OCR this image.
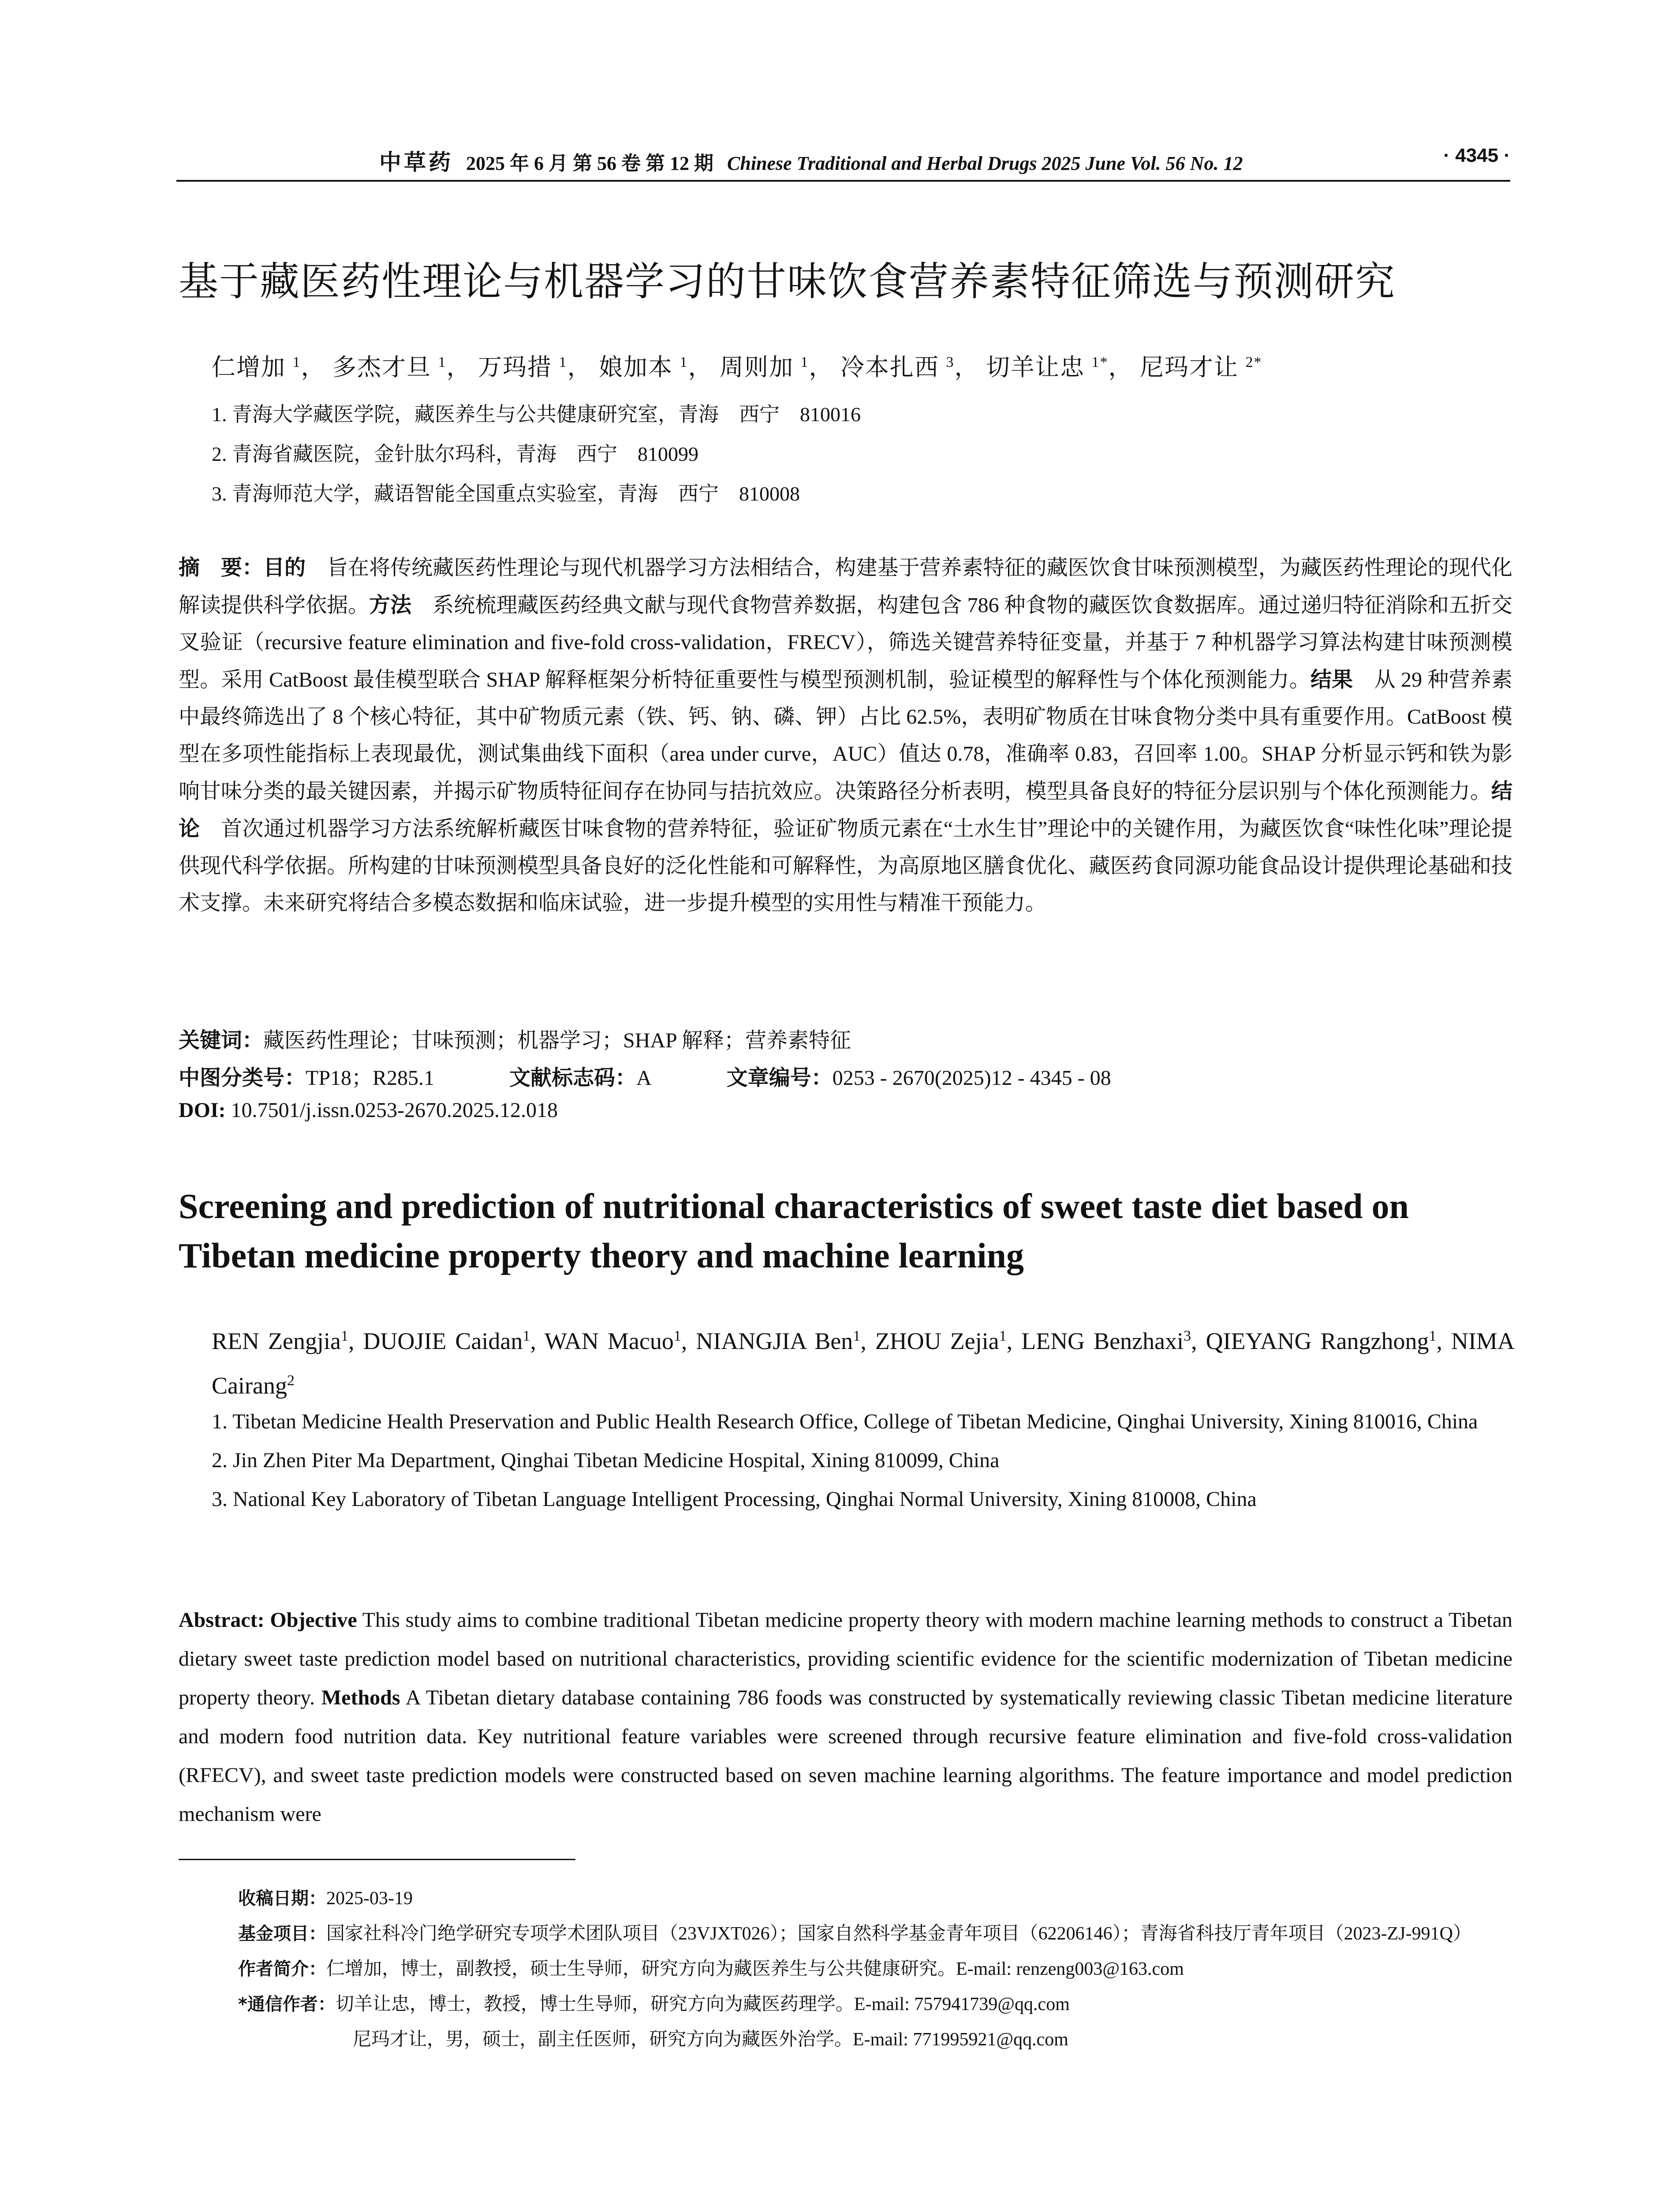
中草药 2025 年 6 月 第 56 卷 第 12 期 Chinese Traditional and Herbal Drugs 2025 June Vol. 56 No. 12	· 4345 ·
基于藏医药性理论与机器学习的甘味饮食营养素特征筛选与预测研究
仁增加 $^1$， 多杰才旦 $^1$， 万玛措 $^1$， 娘加本 $^1$， 周则加 $^1$， 冷本扎西 $^3$， 切羊让忠 $^{1*}$， 尼玛才让 $^{2*}$
1. 青海大学藏医学院，藏医养生与公共健康研究室，青海　西宁　810016
2. 青海省藏医院，金针肽尔玛科，青海　西宁　810099
3. 青海师范大学，藏语智能全国重点实验室，青海　西宁　810008
摘　要：目的　旨在将传统藏医药性理论与现代机器学习方法相结合，构建基于营养素特征的藏医饮食甘味预测模型，为藏医药性理论的现代化解读提供科学依据。方法　系统梳理藏医药经典文献与现代食物营养数据，构建包含 786 种食物的藏医饮食数据库。通过递归特征消除和五折交叉验证（recursive feature elimination and five-fold cross-validation，FRECV），筛选关键营养特征变量，并基于 7 种机器学习算法构建甘味预测模型。采用 CatBoost 最佳模型联合 SHAP 解释框架分析特征重要性与模型预测机制，验证模型的解释性与个体化预测能力。结果　从 29 种营养素中最终筛选出了 8 个核心特征，其中矿物质元素（铁、钙、钠、磷、钾）占比 62.5%，表明矿物质在甘味食物分类中具有重要作用。CatBoost 模型在多项性能指标上表现最优，测试集曲线下面积（area under curve，AUC）值达 0.78，准确率 0.83，召回率 1.00。SHAP 分析显示钙和铁为影响甘味分类的最关键因素，并揭示矿物质特征间存在协同与拮抗效应。决策路径分析表明，模型具备良好的特征分层识别与个体化预测能力。结论　首次通过机器学习方法系统解析藏医甘味食物的营养特征，验证矿物质元素在“土水生甘”理论中的关键作用，为藏医饮食“味性化味”理论提供现代科学依据。所构建的甘味预测模型具备良好的泛化性能和可解释性，为高原地区膳食优化、藏医药食同源功能食品设计提供理论基础和技术支撑。未来研究将结合多模态数据和临床试验，进一步提升模型的实用性与精准干预能力。
关键词：藏医药性理论；甘味预测；机器学习；SHAP 解释；营养素特征
中图分类号：TP18；R285.1	文献标志码：A	文章编号：0253 - 2670(2025)12 - 4345 - 08
DOI: 10.7501/j.issn.0253-2670.2025.12.018
Screening and prediction of nutritional characteristics of sweet taste diet based on Tibetan medicine property theory and machine learning
REN Zengjia$^1$, DUOJIE Caidan$^1$, WAN Macuo$^1$, NIANGJIA Ben$^1$, ZHOU Zejia$^1$, LENG Benzhaxi$^3$, QIEYANG Rangzhong$^1$, NIMA Cairang$^2$
1. Tibetan Medicine Health Preservation and Public Health Research Office, College of Tibetan Medicine, Qinghai University, Xining 810016, China
2. Jin Zhen Piter Ma Department, Qinghai Tibetan Medicine Hospital, Xining 810099, China
3. National Key Laboratory of Tibetan Language Intelligent Processing, Qinghai Normal University, Xining 810008, China
Abstract: Objective This study aims to combine traditional Tibetan medicine property theory with modern machine learning methods to construct a Tibetan dietary sweet taste prediction model based on nutritional characteristics, providing scientific evidence for the scientific modernization of Tibetan medicine property theory. Methods A Tibetan dietary database containing 786 foods was constructed by systematically reviewing classic Tibetan medicine literature and modern food nutrition data. Key nutritional feature variables were screened through recursive feature elimination and five-fold cross-validation (RFECV), and sweet taste prediction models were constructed based on seven machine learning algorithms. The feature importance and model prediction mechanism were
收稿日期：2025-03-19
基金项目：国家社科冷门绝学研究专项学术团队项目（23VJXT026）；国家自然科学基金青年项目（62206146）；青海省科技厅青年项目（2023-ZJ-991Q）
作者简介：仁增加，博士，副教授，硕士生导师，研究方向为藏医养生与公共健康研究。E-mail: renzeng003@163.com
*通信作者：切羊让忠，博士，教授，博士生导师，研究方向为藏医药理学。E-mail: 757941739@qq.com
尼玛才让，男，硕士，副主任医师，研究方向为藏医外治学。E-mail: 771995921@qq.com
